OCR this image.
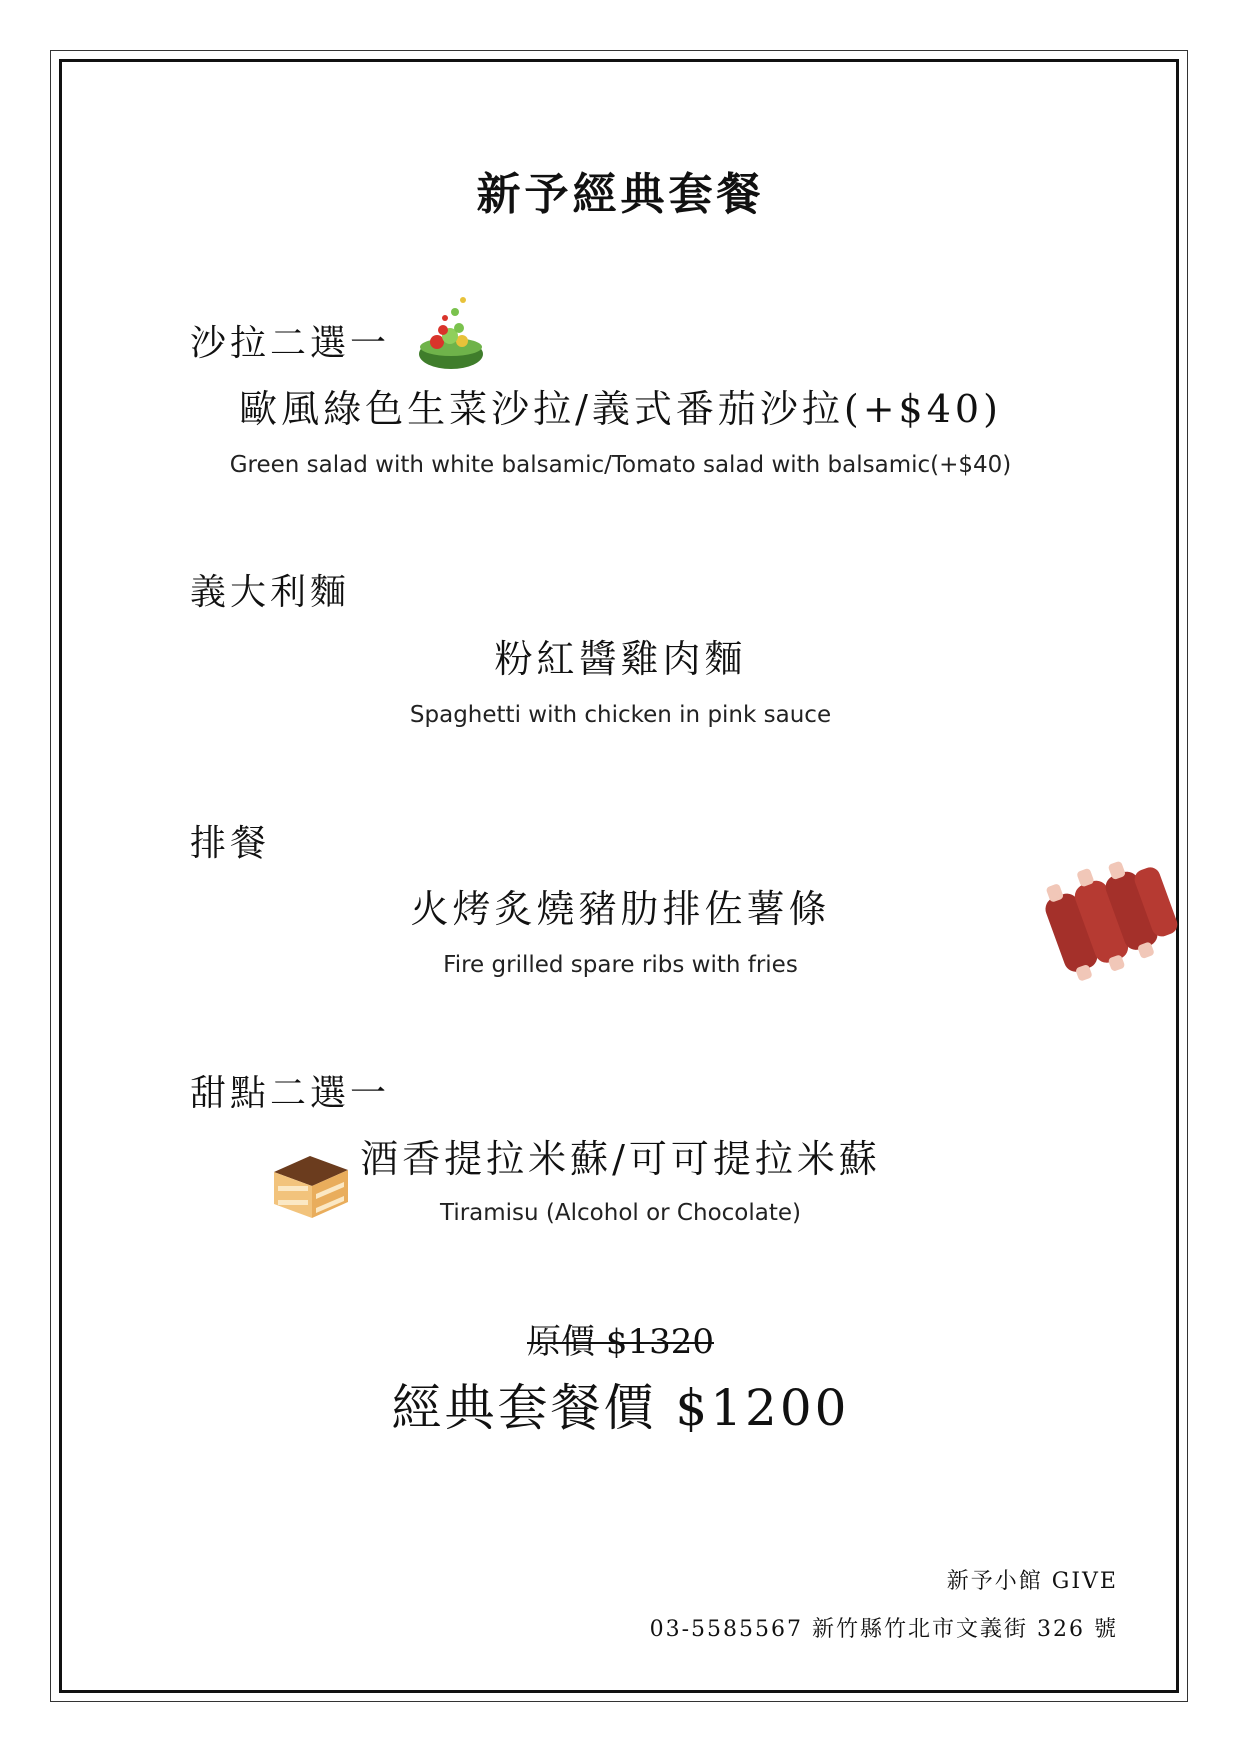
新予經典套餐
沙拉二選一
歐風綠色生菜沙拉/義式番茄沙拉(+$40)
Green salad with white balsamic/Tomato salad with balsamic(+$40)
義大利麵
粉紅醬雞肉麵
Spaghetti with chicken in pink sauce
排餐
火烤炙燒豬肋排佐薯條
Fire grilled spare ribs with fries
甜點二選一
酒香提拉米蘇/可可提拉米蘇
Tiramisu (Alcohol or Chocolate)
原價 $1320
經典套餐價 $1200
新予小館 GIVE
03-5585567 新竹縣竹北市文義街 326 號
